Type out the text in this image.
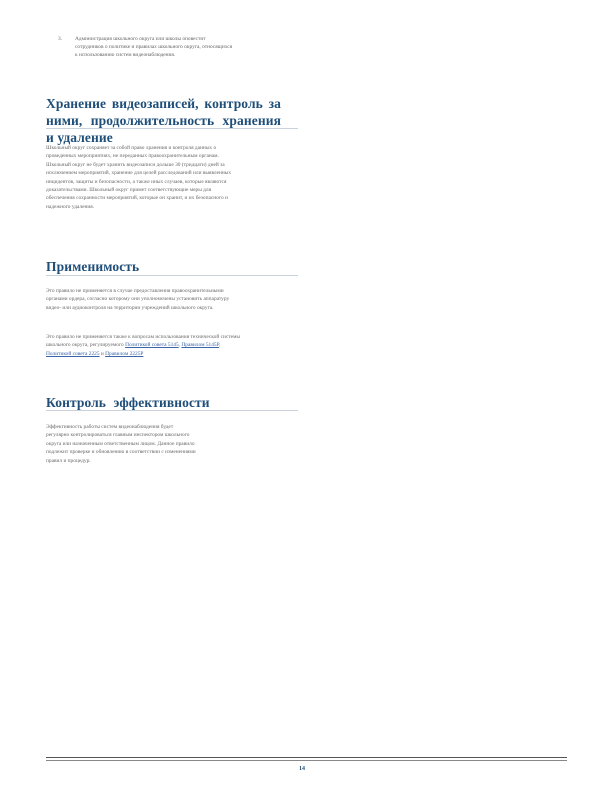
3. Администрация школьного округа или школы оповестит сотрудников о политике и правилах школьного округа, относящихся к использованию систем видеонаблюдения.
Хранение видеозаписей, контроль за ними, продолжительность хранения и удаление

Школьный округ сохраняет за собой право хранения и контроля данных о проведенных мероприятиях, не переданных правоохранительным органам. Школьный округ не будет хранить видеозаписи дольше 30 (тридцати) дней за исключением мероприятий, хранение для целей расследований или выявленных инцидентов, защиты и безопасности, а также иных случаев, которые являются доказательствами. Школьный округ примет соответствующие меры для обеспечения сохранности мероприятий, которые он хранит, и их безопасного и надежного удаления.

Применимость

Это правило не применяется в случае предоставления правоохранительными органами ордера, согласно которому они уполномочены установить аппаратуру видео- или аудиоконтроля на территории учреждений школьного округа.

Это правило не применяется также к вопросам использования технической системы школьного округа, регулируемого Политикой совета 5145, Правилом 5145Р, Политикой совета 2225 и Правилом 2225Р

Контроль эффективности

Эффективность работы систем видеонаблюдения будет регулярно контролироваться главным инспектором школьного округа или назначенным ответственным лицом. Данное правило подлежит проверке и обновлению в соответствии с изменениями правил и процедур.

14
